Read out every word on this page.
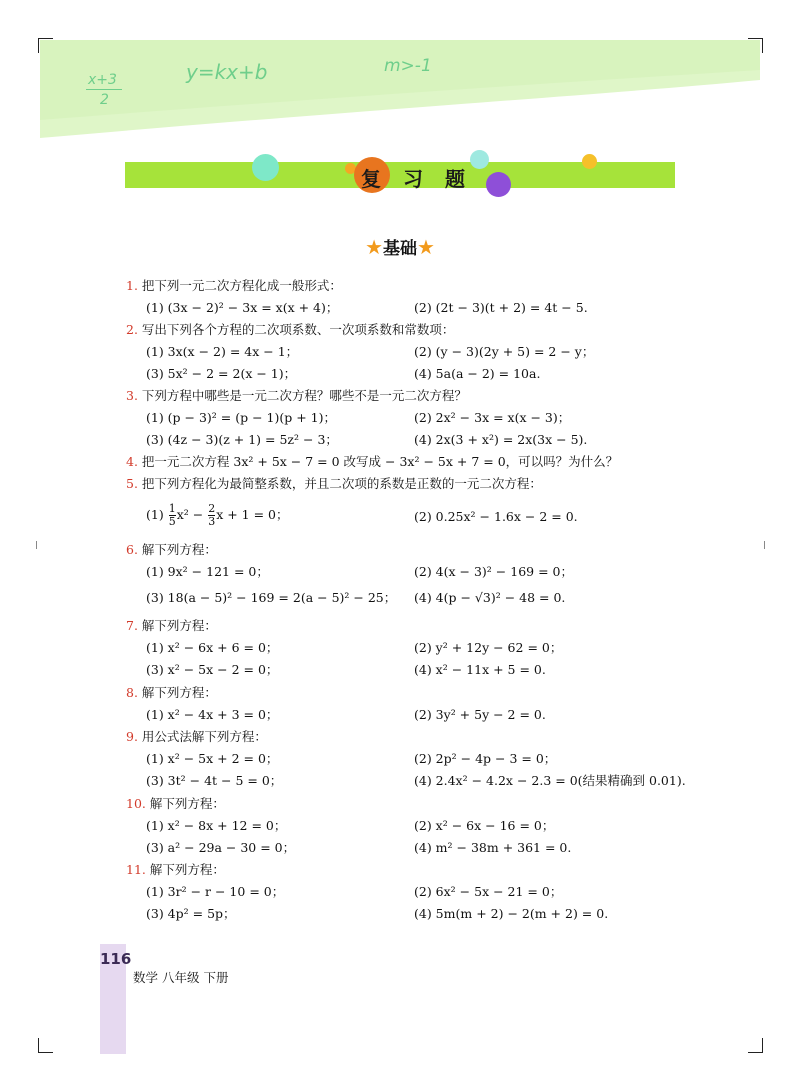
x+3
2
y=kx+b	m>-1
复 习 题
★基础★
1. 把下列一元二次方程化成一般形式：
(1) (3x − 2)² − 3x = x(x + 4)；	(2) (2t − 3)(t + 2) = 4t − 5.
2. 写出下列各个方程的二次项系数、一次项系数和常数项：
(1) 3x(x − 2) = 4x − 1；	(2) (y − 3)(2y + 5) = 2 − y；
(3) 5x² − 2 = 2(x − 1)；	(4) 5a(a − 2) = 10a.
3. 下列方程中哪些是一元二次方程？哪些不是一元二次方程？
(1) (p − 3)² = (p − 1)(p + 1)；	(2) 2x² − 3x = x(x − 3)；
(3) (4z − 3)(z + 1) = 5z² − 3；	(4) 2x(3 + x²) = 2x(3x − 5).
4. 把一元二次方程 3x² + 5x − 7 = 0 改写成 − 3x² − 5x + 7 = 0，可以吗？为什么？
5. 把下列方程化为最简整系数，并且二次项的系数是正数的一元二次方程：
$(1) \frac{1}{5} x^2 - \frac{2}{3}$ x + 1 = 0；	(2) 0.25x² − 1.6x − 2 = 0.
6. 解下列方程：
(1) 9x² − 121 = 0；	(2) 4(x − 3)² − 169 = 0；
(3) 18(a − 5)² − 169 = 2(a − 5)² − 25； (4) 4(p − √3)² − 48 = 0.
7. 解下列方程：
(1) x² − 6x + 6 = 0；	(2) y² + 12y − 62 = 0；
(3) x² − 5x − 2 = 0；	(4) x² − 11x + 5 = 0.
8. 解下列方程：
(1) x² − 4x + 3 = 0；	(2) 3y² + 5y − 2 = 0.
9. 用公式法解下列方程：
(1) x² − 5x + 2 = 0；	(2) 2p² − 4p − 3 = 0；
(3) 3t² − 4t − 5 = 0；	(4) 2.4x² − 4.2x − 2.3 = 0(结果精确到 0.01).
10. 解下列方程：
(1) x² − 8x + 12 = 0；	(2) x² − 6x − 16 = 0；
(3) a² − 29a − 30 = 0；	(4) m² − 38m + 361 = 0.
11. 解下列方程：
(1) 3r² − r − 10 = 0；	(2) 6x² − 5x − 21 = 0；
(3) 4p² = 5p；	(4) 5m(m + 2) − 2(m + 2) = 0.
116
数学 八年级 下册
